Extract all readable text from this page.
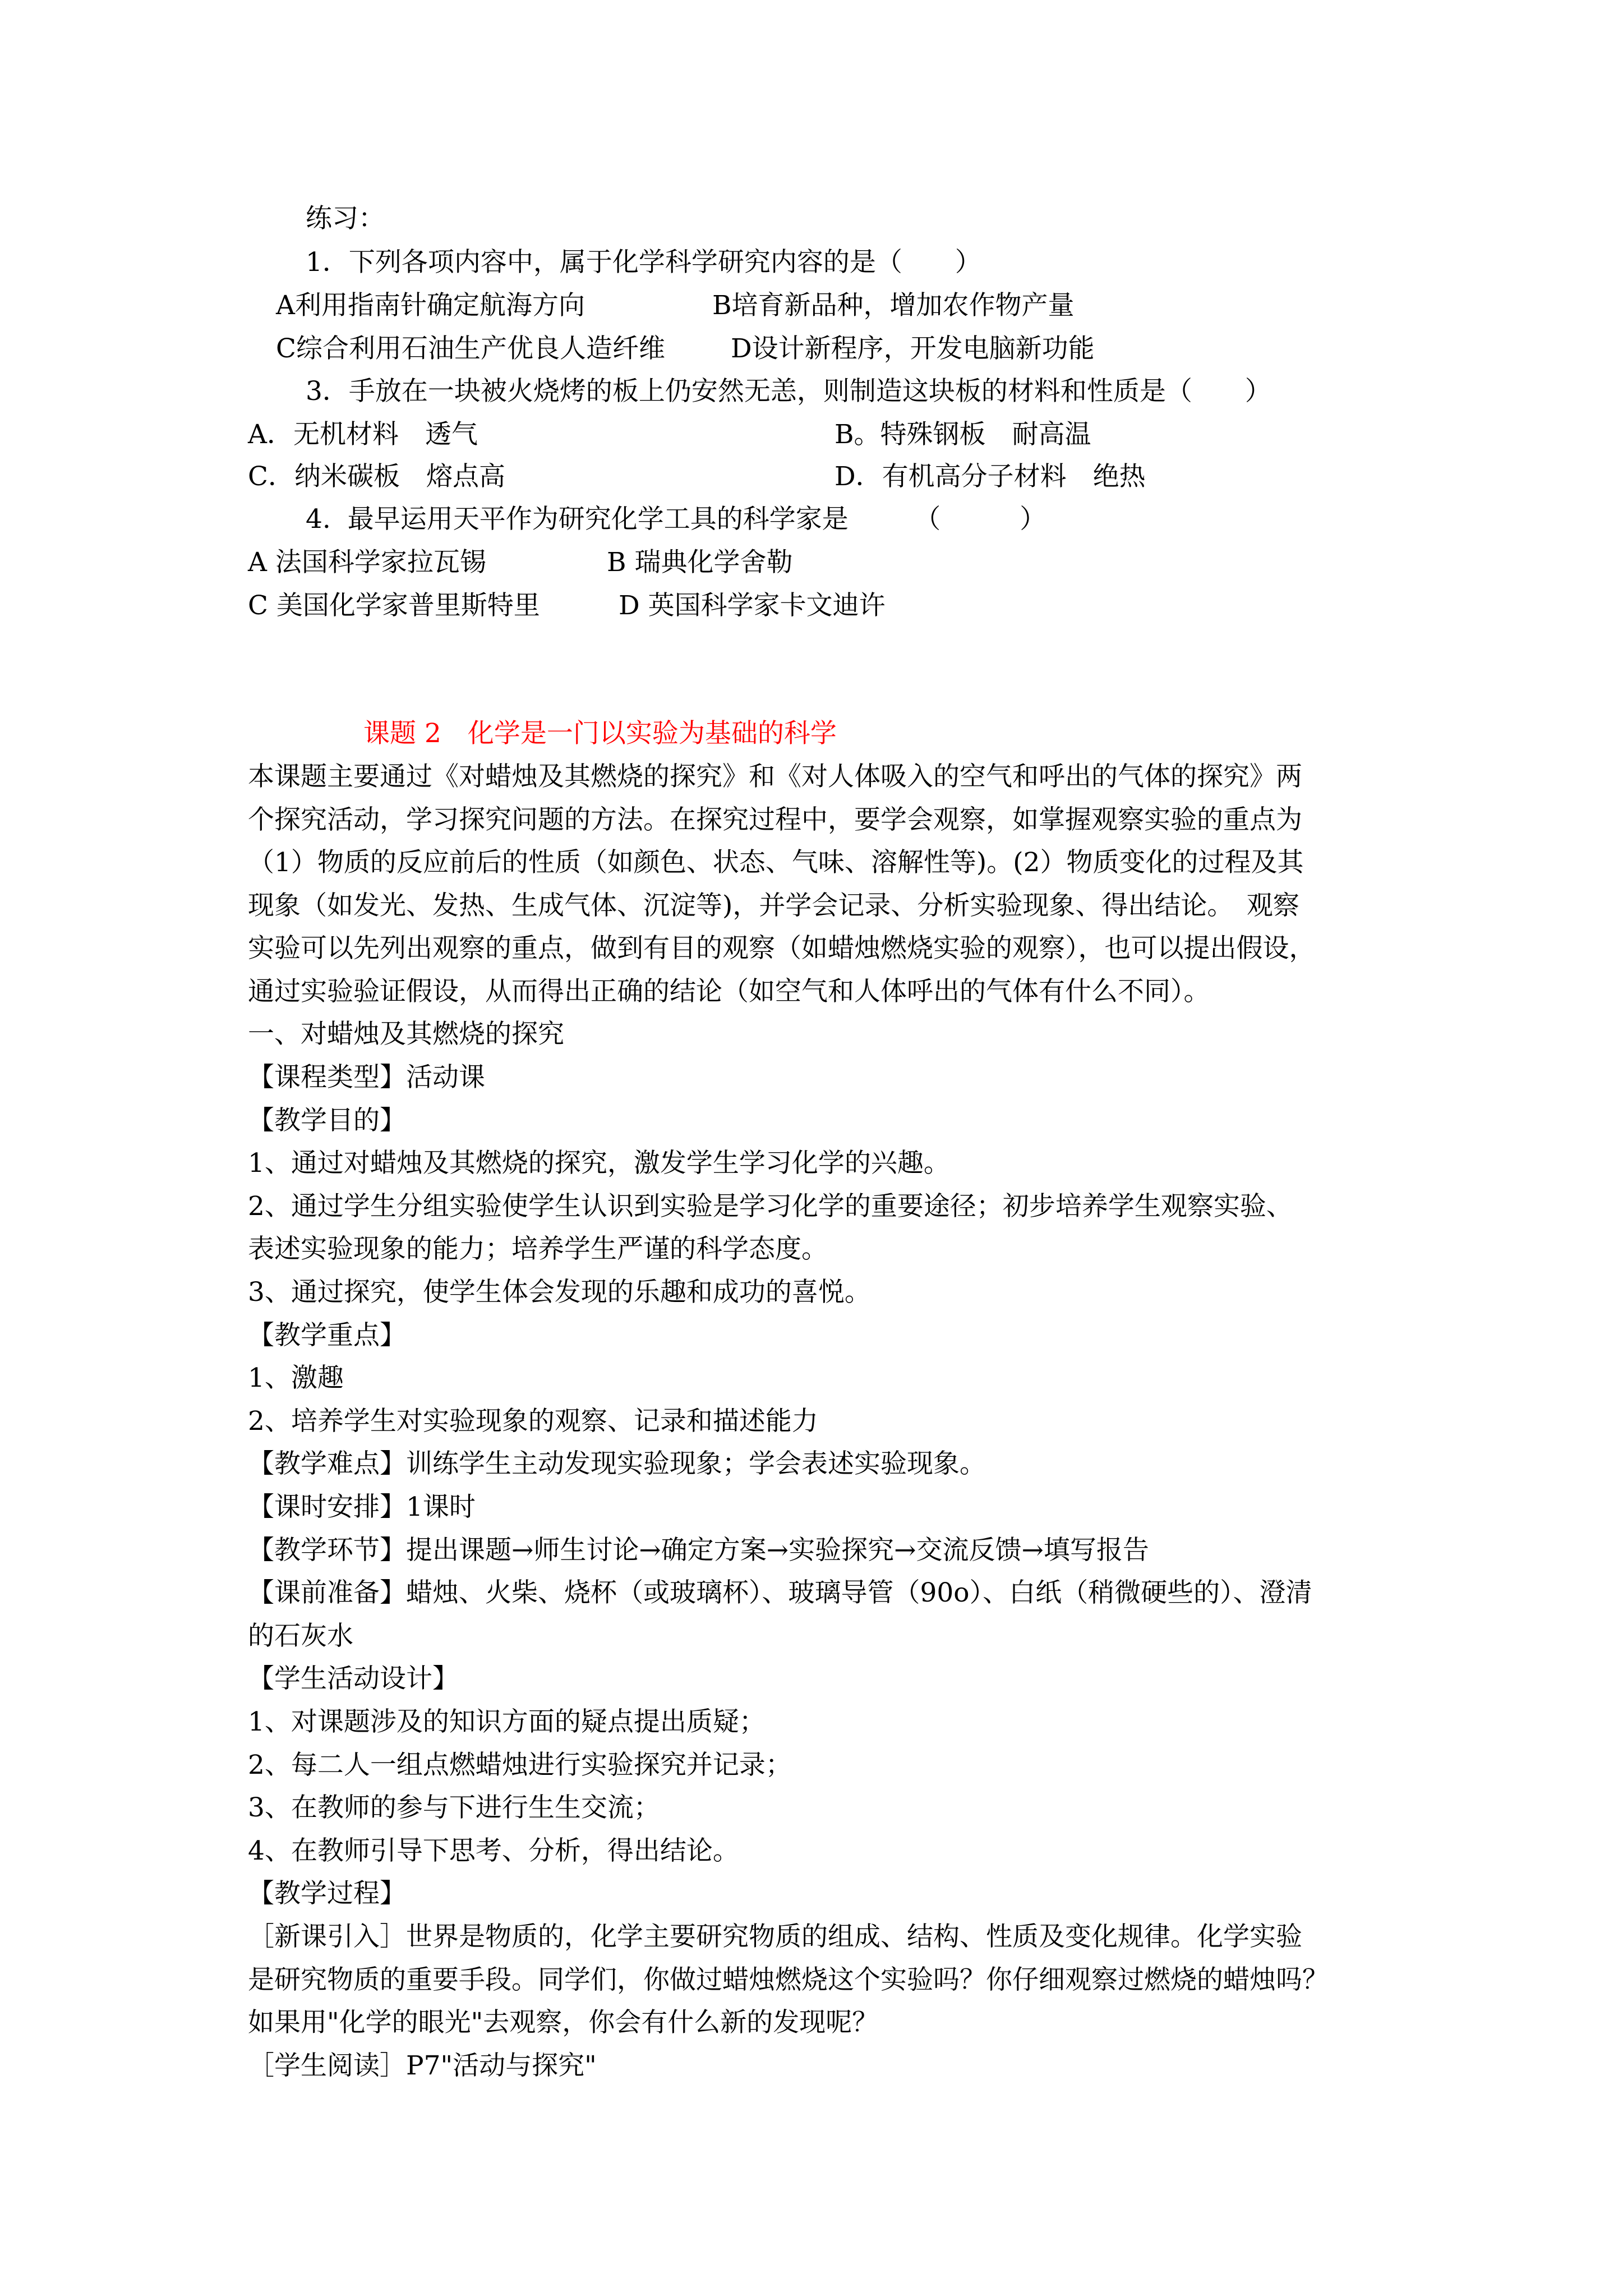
练习：
1．下列各项内容中，属于化学科学研究内容的是（　　）
A利用指南针确定航海方向	B培育新品种，增加农作物产量
C综合利用石油生产优良人造纤维 D设计新程序，开发电脑新功能
3．手放在一块被火烧烤的板上仍安然无恙，则制造这块板的材料和性质是（　　）
A．无机材料　透气	B。特殊钢板　耐高温
C．纳米碳板　熔点高	D．有机高分子材料　绝热
4.  最早运用天平作为研究化学工具的科学家是　　　（　　　）
A 法国科学家拉瓦锡	B 瑞典化学舍勒
C 美国化学家普里斯特里	D 英国科学家卡文迪许
课题 2　化学是一门以实验为基础的科学
本课题主要通过《对蜡烛及其燃烧的探究》和《对人体吸入的空气和呼出的气体的探究》两
个探究活动，学习探究问题的方法。在探究过程中，要学会观察，如掌握观察实验的重点为
（1）物质的反应前后的性质（如颜色、状态、气味、溶解性等)。(2）物质变化的过程及其
现象（如发光、发热、生成气体、沉淀等)，并学会记录、分析实验现象、得出结论。　观察
实验可以先列出观察的重点，做到有目的观察（如蜡烛燃烧实验的观察），也可以提出假设，
通过实验验证假设，从而得出正确的结论（如空气和人体呼出的气体有什么不同）。
一、对蜡烛及其燃烧的探究
【课程类型】活动课
【教学目的】
1、通过对蜡烛及其燃烧的探究，激发学生学习化学的兴趣。
2、通过学生分组实验使学生认识到实验是学习化学的重要途径；初步培养学生观察实验、
表述实验现象的能力；培养学生严谨的科学态度。
3、通过探究，使学生体会发现的乐趣和成功的喜悦。
【教学重点】
1、激趣
2、培养学生对实验现象的观察、记录和描述能力
【教学难点】训练学生主动发现实验现象；学会表述实验现象。
【课时安排】1课时
【教学环节】提出课题→师生讨论→确定方案→实验探究→交流反馈→填写报告
【课前准备】蜡烛、火柴、烧杯（或玻璃杯）、玻璃导管（90o）、白纸（稍微硬些的）、澄清
的石灰水
【学生活动设计】
1、对课题涉及的知识方面的疑点提出质疑；
2、每二人一组点燃蜡烛进行实验探究并记录；
3、在教师的参与下进行生生交流；
4、在教师引导下思考、分析，得出结论。
【教学过程】
［新课引入］世界是物质的，化学主要研究物质的组成、结构、性质及变化规律。化学实验
是研究物质的重要手段。同学们，你做过蜡烛燃烧这个实验吗？你仔细观察过燃烧的蜡烛吗？
如果用"化学的眼光"去观察，你会有什么新的发现呢？
［学生阅读］P7"活动与探究"
